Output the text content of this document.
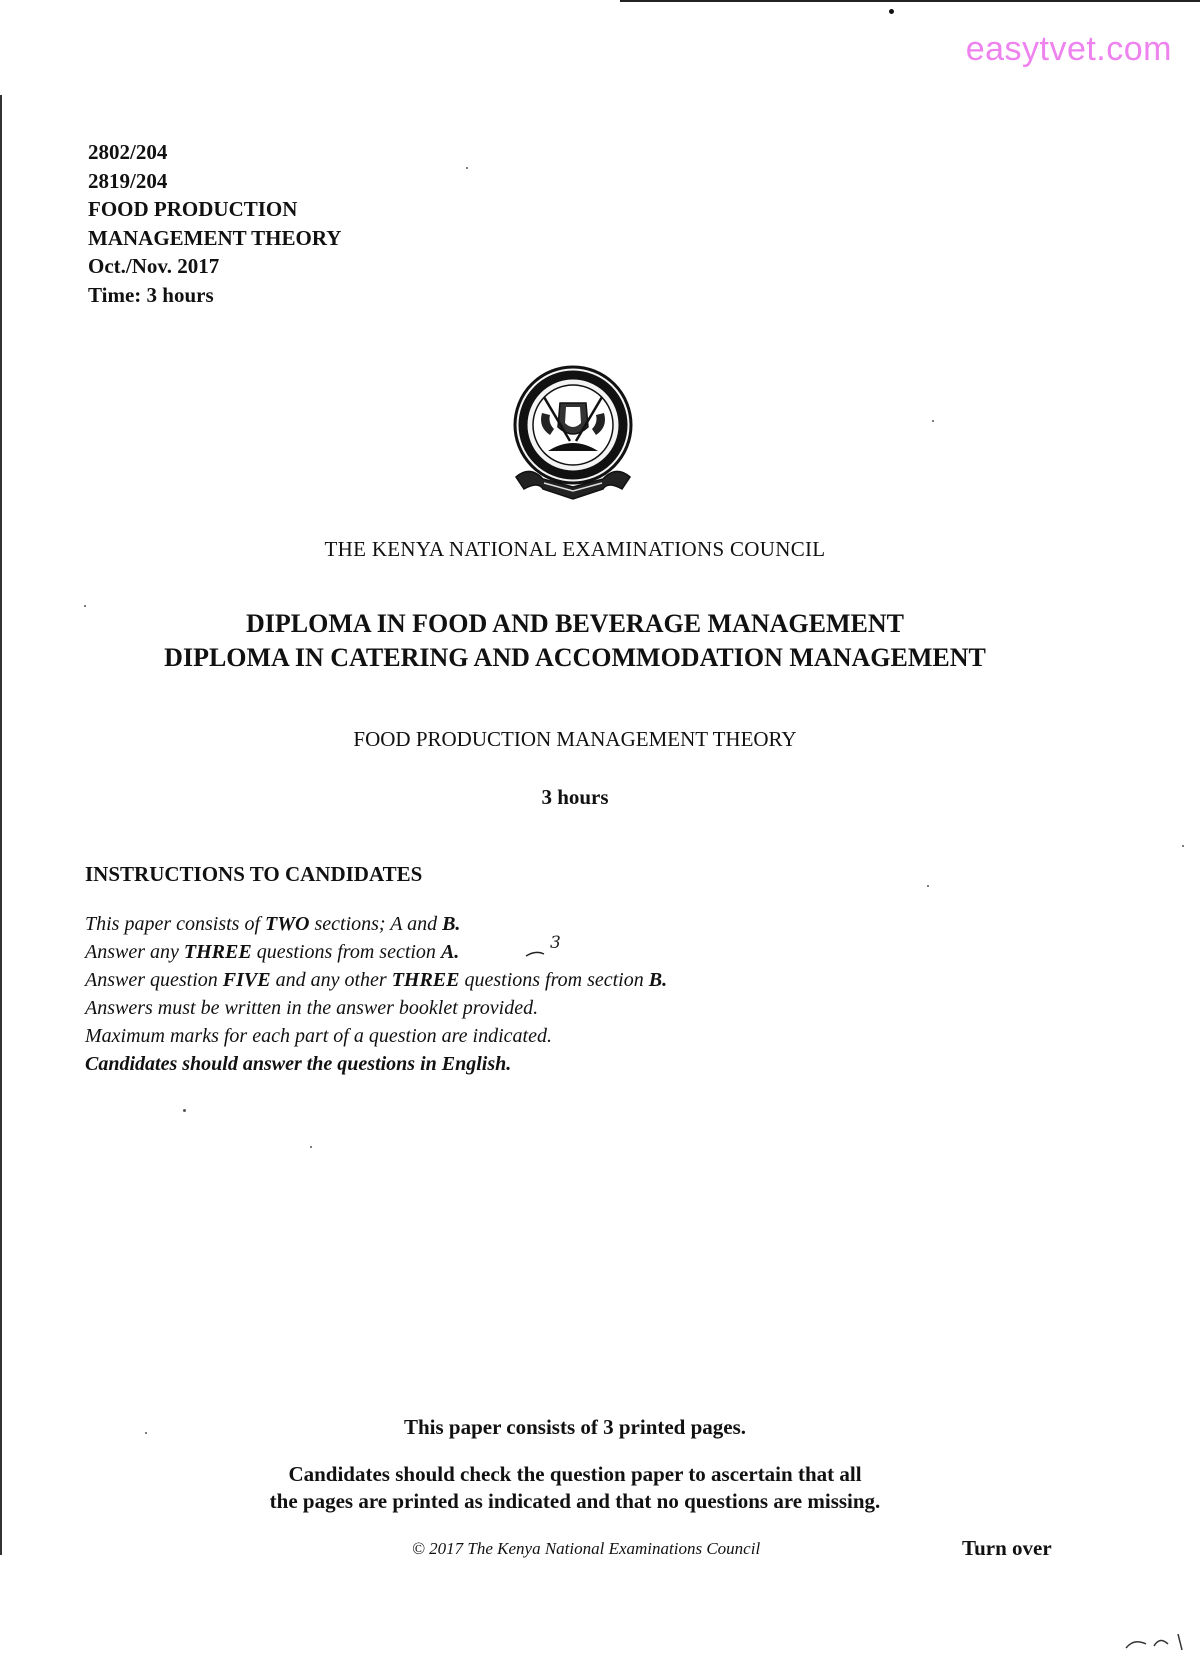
easytvet.com
2802/204
2819/204
FOOD PRODUCTION
MANAGEMENT THEORY
Oct./Nov. 2017
Time: 3 hours
THE KENYA NATIONAL EXAMINATIONS COUNCIL
DIPLOMA IN FOOD AND BEVERAGE MANAGEMENT
DIPLOMA IN CATERING AND ACCOMMODATION MANAGEMENT
FOOD PRODUCTION MANAGEMENT THEORY
3 hours
INSTRUCTIONS TO CANDIDATES
This paper consists of TWO sections; A and B.
Answer any THREE questions from section A.
Answer question FIVE and any other THREE questions from section B.
Answers must be written in the answer booklet provided.
Maximum marks for each part of a question are indicated.
Candidates should answer the questions in English.
3
This paper consists of 3 printed pages.
Candidates should check the question paper to ascertain that all
the pages are printed as indicated and that no questions are missing.
© 2017 The Kenya National Examinations Council	Turn over
